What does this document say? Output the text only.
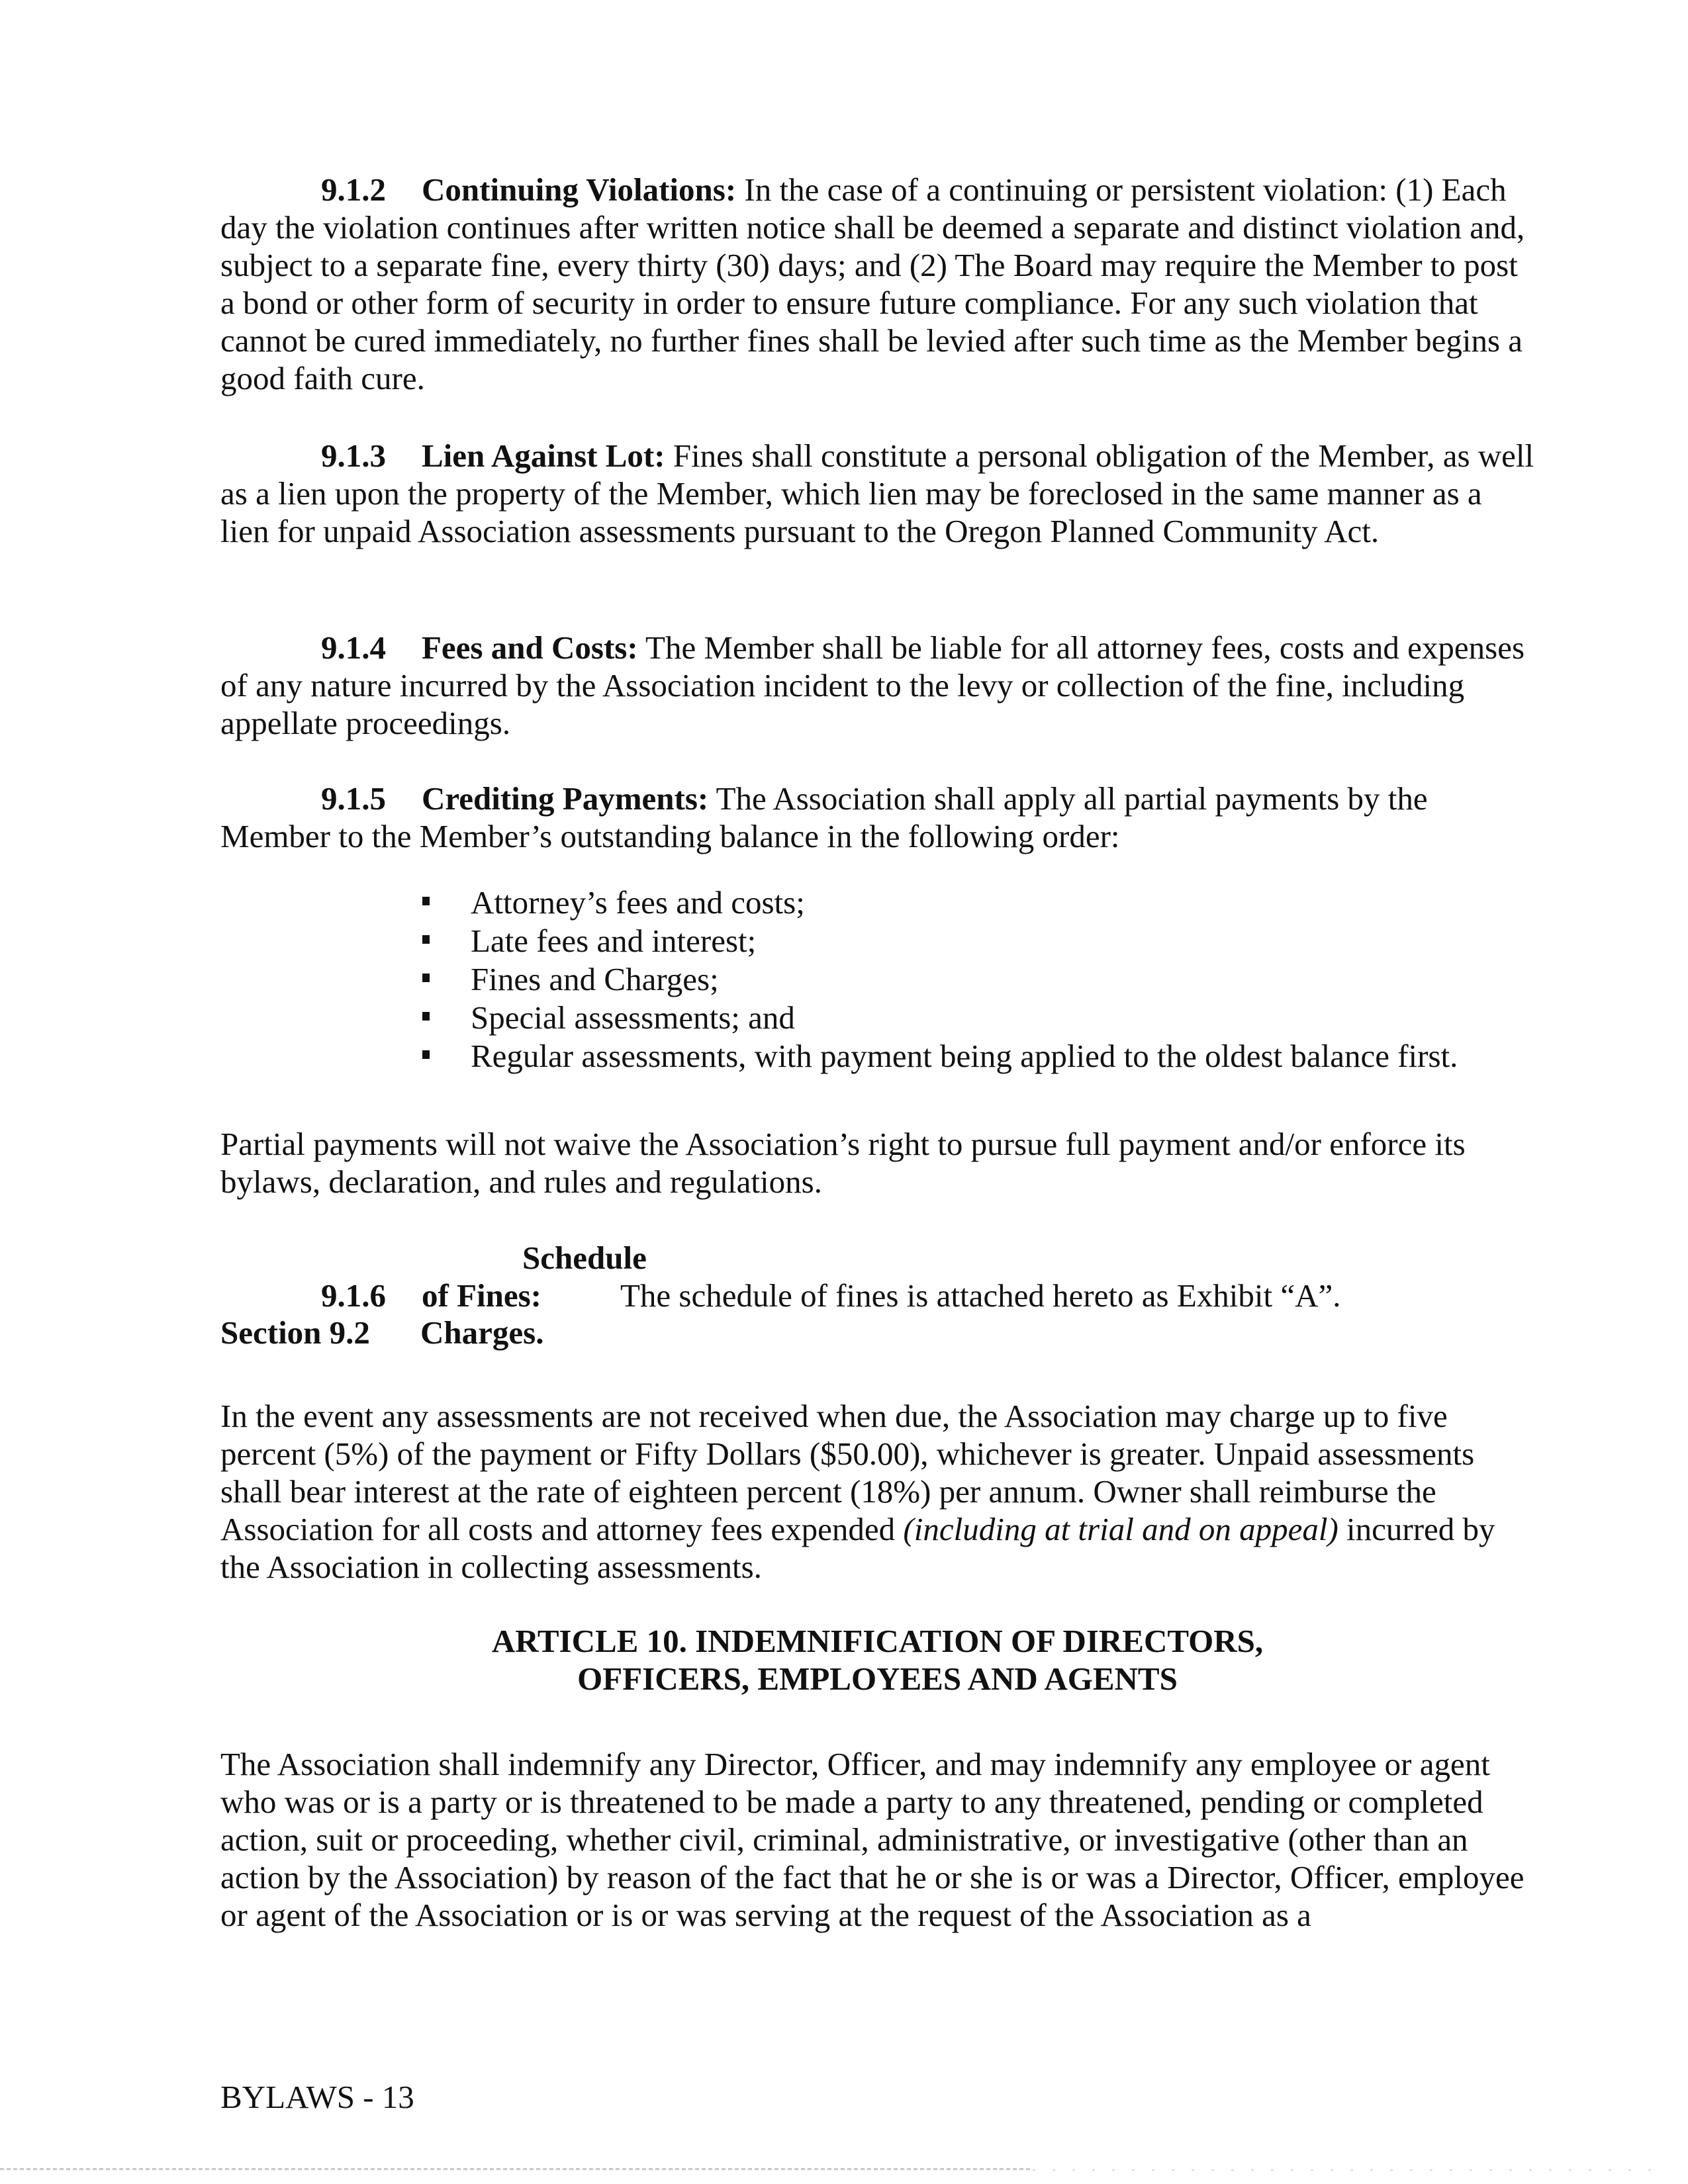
9.1.2 Continuing Violations: In the case of a continuing or persistent violation: (1) Each day the violation continues after written notice shall be deemed a separate and distinct violation and, subject to a separate fine, every thirty (30) days; and (2) The Board may require the Member to post a bond or other form of security in order to ensure future compliance. For any such violation that cannot be cured immediately, no further fines shall be levied after such time as the Member begins a good faith cure.

9.1.3 Lien Against Lot: Fines shall constitute a personal obligation of the Member, as well as a lien upon the property of the Member, which lien may be foreclosed in the same manner as a lien for unpaid Association assessments pursuant to the Oregon Planned Community Act.

9.1.4 Fees and Costs: The Member shall be liable for all attorney fees, costs and expenses of any nature incurred by the Association incident to the levy or collection of the fine, including appellate proceedings.

9.1.5 Crediting Payments: The Association shall apply all partial payments by the Member to the Member’s outstanding balance in the following order:

Attorney’s fees and costs;
Late fees and interest;
Fines and Charges;
Special assessments; and
Regular assessments, with payment being applied to the oldest balance first.

Partial payments will not waive the Association’s right to pursue full payment and/or enforce its bylaws, declaration, and rules and regulations.

9.1.6Schedule of Fines: The schedule of fines is attached hereto as Exhibit “A”.

Section 9.2 Charges.

In the event any assessments are not received when due, the Association may charge up to five percent (5%) of the payment or Fifty Dollars ($50.00), whichever is greater. Unpaid assessments shall bear interest at the rate of eighteen percent (18%) per annum. Owner shall reimburse the Association for all costs and attorney fees expended (including at trial and on appeal) incurred by the Association in collecting assessments.

ARTICLE 10. INDEMNIFICATION OF DIRECTORS,
OFFICERS, EMPLOYEES AND AGENTS

The Association shall indemnify any Director, Officer, and may indemnify any employee or agent who was or is a party or is threatened to be made a party to any threatened, pending or completed action, suit or proceeding, whether civil, criminal, administrative, or investigative (other than an action by the Association) by reason of the fact that he or she is or was a Director, Officer, employee or agent of the Association or is or was serving at the request of the Association as a

BYLAWS - 13
